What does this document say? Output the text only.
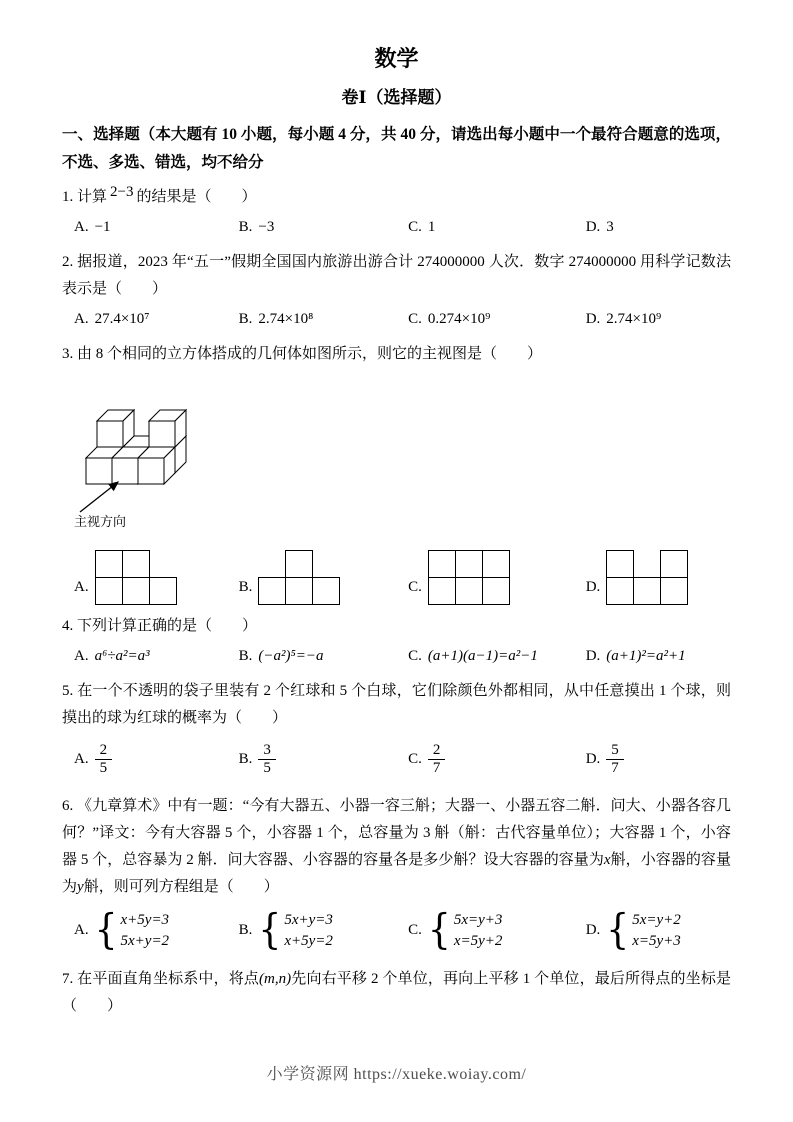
数学
卷Ⅰ（选择题）

一、选择题（本大题有 10 小题，每小题 4 分，共 40 分，请选出每小题中一个最符合题意的选项，不选、多选、错选，均不给分

1. 计算 2−3 的结果是（　　）

A. −1	B. −3	C. 1	D. 3

2. 据报道，2023 年“五一”假期全国国内旅游出游合计 274000000 人次．数字 274000000 用科学记数法表示是（　　）

A. 27.4×10⁷	B. 2.74×10⁸	C. 0.274×10⁹	D. 2.74×10⁹

3. 由 8 个相同的立方体搭成的几何体如图所示，则它的主视图是（　　）

主视方向
A.	B.	C.	D.

4. 下列计算正确的是（　　）

A. a⁶÷a²=a³	B. (−a²)⁵=−a	C. (a+1)(a−1)=a²−1	D. (a+1)²=a²+1

5. 在一个不透明的袋子里装有 2 个红球和 5 个白球，它们除颜色外都相同，从中任意摸出 1 个球，则摸出的球为红球的概率为（　　）

A. $\frac{2}{5}$	B. $\frac{3}{5}$	C. $\frac{2}{7}$	D. $\frac{5}{7}$

6. 《九章算术》中有一题：“今有大器五、小器一容三斛；大器一、小器五容二斛．问大、小器各容几何？”译文：今有大容器 5 个，小容器 1 个，总容量为 3 斛（斛：古代容量单位）；大容器 1 个，小容器 5 个，总容暴为 2 斛．问大容器、小容器的容量各是多少斛？设大容器的容量为x斛，小容器的容量为y斛，则可列方程组是（　　）

A. { x+5y=3
5x+y=2
B. { 5x+y=3
x+5y=2
C. { 5x=y+3
x=5y+2
D. { 5x=y+2
x=5y+3

7. 在平面直角坐标系中，将点(m,n)先向右平移 2 个单位，再向上平移 1 个单位，最后所得点的坐标是（　　）

小学资源网 https://xueke.woiay.com/
